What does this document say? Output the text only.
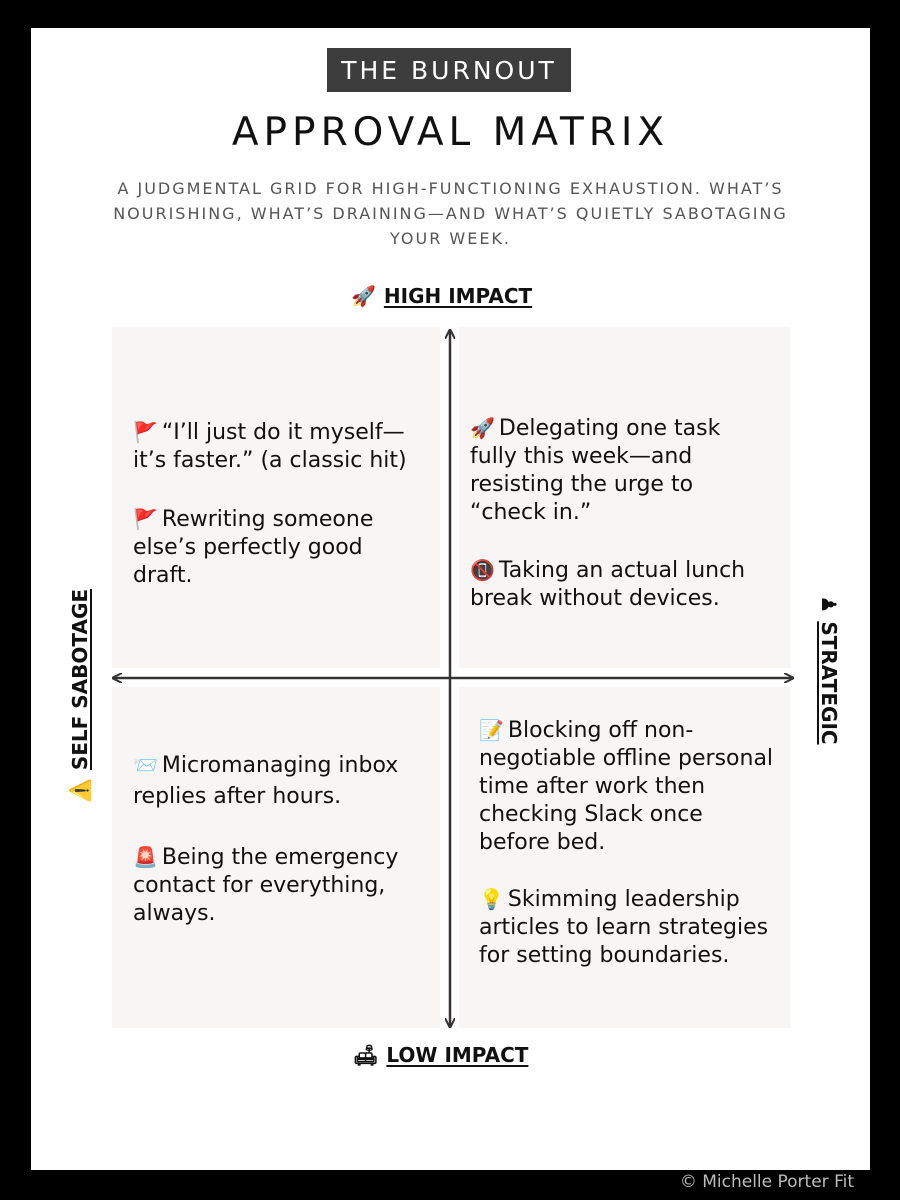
THE BURNOUT
APPROVAL MATRIX
A JUDGMENTAL GRID FOR HIGH-FUNCTIONING EXHAUSTION. WHAT’S NOURISHING, WHAT’S DRAINING—AND WHAT’S QUIETLY SABOTAGING YOUR WEEK.
🚀 HIGH IMPACT
🛋 LOW IMPACT
⚠️
SELF SABOTAGE	♟
STRATEGIC
🚩 “I’ll just do it myself—it’s faster.” (a classic hit)
🚩 Rewriting someone else’s perfectly good draft.
🚀 Delegating one task fully this week—and resisting the urge to “check in.”
📵 Taking an actual lunch break without devices.
📨 Micromanaging inbox replies after hours.
🚨 Being the emergency contact for everything, always.
📝 Blocking off non-negotiable offline personal time after work then checking Slack once before bed.
💡 Skimming leadership articles to learn strategies for setting boundaries.
© Michelle Porter Fit
